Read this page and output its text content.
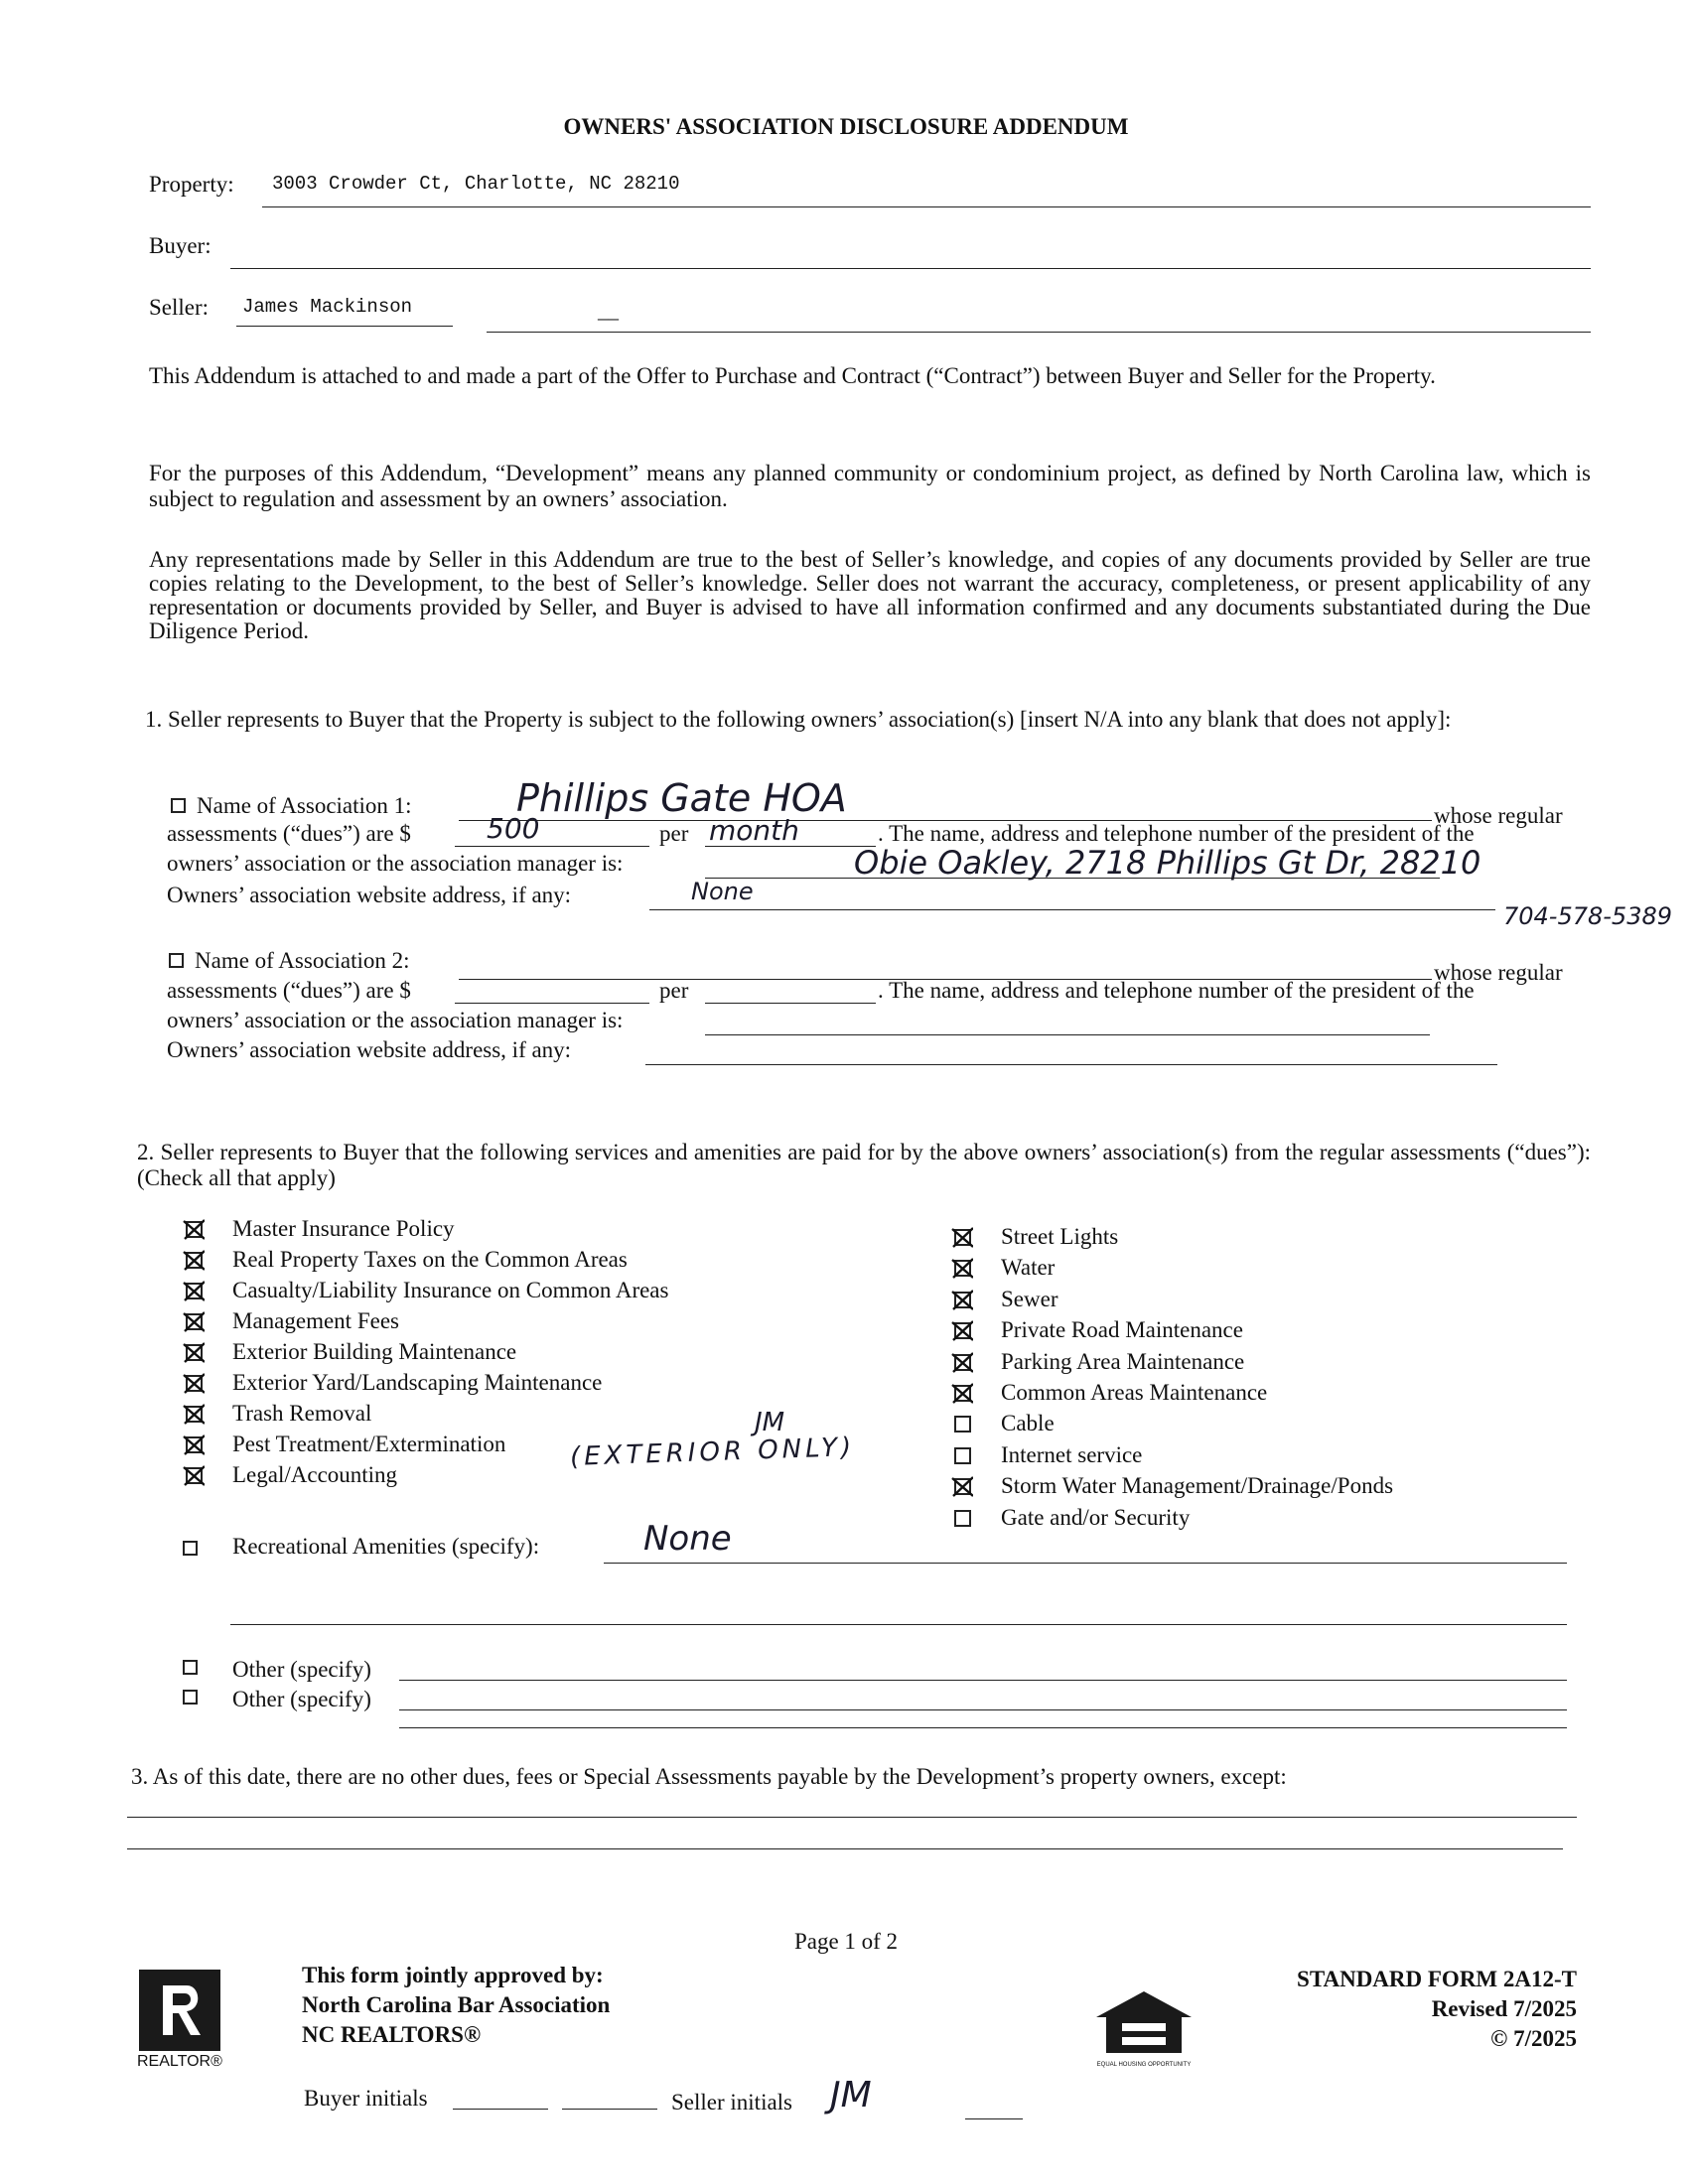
OWNERS' ASSOCIATION DISCLOSURE ADDENDUM
Property: 3003 Crowder Ct, Charlotte, NC 28210
Buyer:
Seller: James Mackinson	__
This Addendum is attached to and made a part of the Offer to Purchase and Contract (“Contract”) between Buyer and Seller for the Property.
For the purposes of this Addendum, “Development” means any planned community or condominium project, as defined by North Carolina law, which is subject to regulation and assessment by an owners’ association.
Any representations made by Seller in this Addendum are true to the best of Seller’s knowledge, and copies of any documents provided by Seller are true copies relating to the Development, to the best of Seller’s knowledge. Seller does not warrant the accuracy, completeness, or present applicability of any representation or documents provided by Seller, and Buyer is advised to have all information confirmed and any documents substantiated during the Due Diligence Period.
1. Seller represents to Buyer that the Property is subject to the following owners’ association(s) [insert N/A into any blank that does not apply]:
Name of Association 1:	Phillips Gate HOA	whose regular
assessments (“dues”) are $	500	per month	. The name, address and telephone number of the president of the
owners’ association or the association manager is:	Obie Oakley, 2718 Phillips Gt Dr, 28210
Owners’ association website address, if any:	None
704-578-5389
Name of Association 2:	whose regular
assessments (“dues”) are $	per	. The name, address and telephone number of the president of the
owners’ association or the association manager is:
Owners’ association website address, if any:
2. Seller represents to Buyer that the following services and amenities are paid for by the above owners’ association(s) from the regular assessments (“dues”): (Check all that apply)
Master Insurance Policy
Real Property Taxes on the Common Areas
Casualty/Liability Insurance on Common Areas
Management Fees
Exterior Building Maintenance
Exterior Yard/Landscaping Maintenance
Trash Removal
Pest Treatment/Extermination
Legal/Accounting
Street Lights
Water
Sewer
Private Road Maintenance
Parking Area Maintenance
Common Areas Maintenance
Cable
Internet service
Storm Water Management/Drainage/Ponds
Gate and/or Security
(EXTERIOR ONLY)
JM
Recreational Amenities (specify):	None
Other (specify)
Other (specify)
3. As of this date, there are no other dues, fees or Special Assessments payable by the Development’s property owners, except:
Page 1 of 2
REALTOR®
This form jointly approved by:
North Carolina Bar Association
NC REALTORS®
EQUAL HOUSING OPPORTUNITY
STANDARD FORM 2A12-T
Revised 7/2025
© 7/2025
Buyer initials	Seller initials JM
